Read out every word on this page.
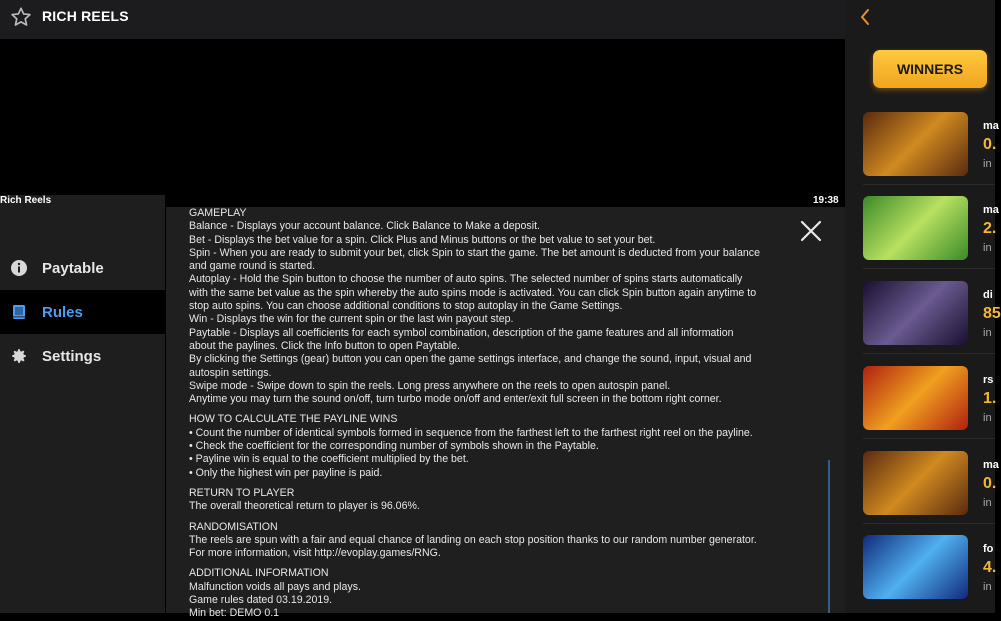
RICH REELS
Rich Reels	19:38
Paytable
Rules
Settings

GAMEPLAY

Balance - Displays your account balance. Click Balance to Make a deposit.

Bet - Displays the bet value for a spin. Click Plus and Minus buttons or the bet value to set your bet.

Spin - When you are ready to submit your bet, click Spin to start the game. The bet amount is deducted from your balance

and game round is started.

Autoplay - Hold the Spin button to choose the number of auto spins. The selected number of spins starts automatically

with the same bet value as the spin whereby the auto spins mode is activated. You can click Spin button again anytime to

stop auto spins. You can choose additional conditions to stop autoplay in the Game Settings.

Win - Displays the win for the current spin or the last win payout step.

Paytable - Displays all coefficients for each symbol combination, description of the game features and all information

about the paylines. Click the Info button to open Paytable.

By clicking the Settings (gear) button you can open the game settings interface, and change the sound, input, visual and

autospin settings.

Swipe mode - Swipe down to spin the reels. Long press anywhere on the reels to open autospin panel.

Anytime you may turn the sound on/off, turn turbo mode on/off and enter/exit full screen in the bottom right corner.

HOW TO CALCULATE THE PAYLINE WINS

• Count the number of identical symbols formed in sequence from the farthest left to the farthest right reel on the payline.

• Check the coefficient for the corresponding number of symbols shown in the Paytable.

• Payline win is equal to the coefficient multiplied by the bet.

• Only the highest win per payline is paid.

RETURN TO PLAYER

The overall theoretical return to player is 96.06%.

RANDOMISATION

The reels are spun with a fair and equal chance of landing on each stop position thanks to our random number generator.

For more information, visit http://evoplay.games/RNG.

ADDITIONAL INFORMATION

Malfunction voids all pays and plays.

Game rules dated 03.19.2019.

Min bet: DEMO 0.1

WINNERS
ma
0.
in
ma
2.
in
di
85
in
rs
1.
in
ma
0.
in
fo
4.
in
